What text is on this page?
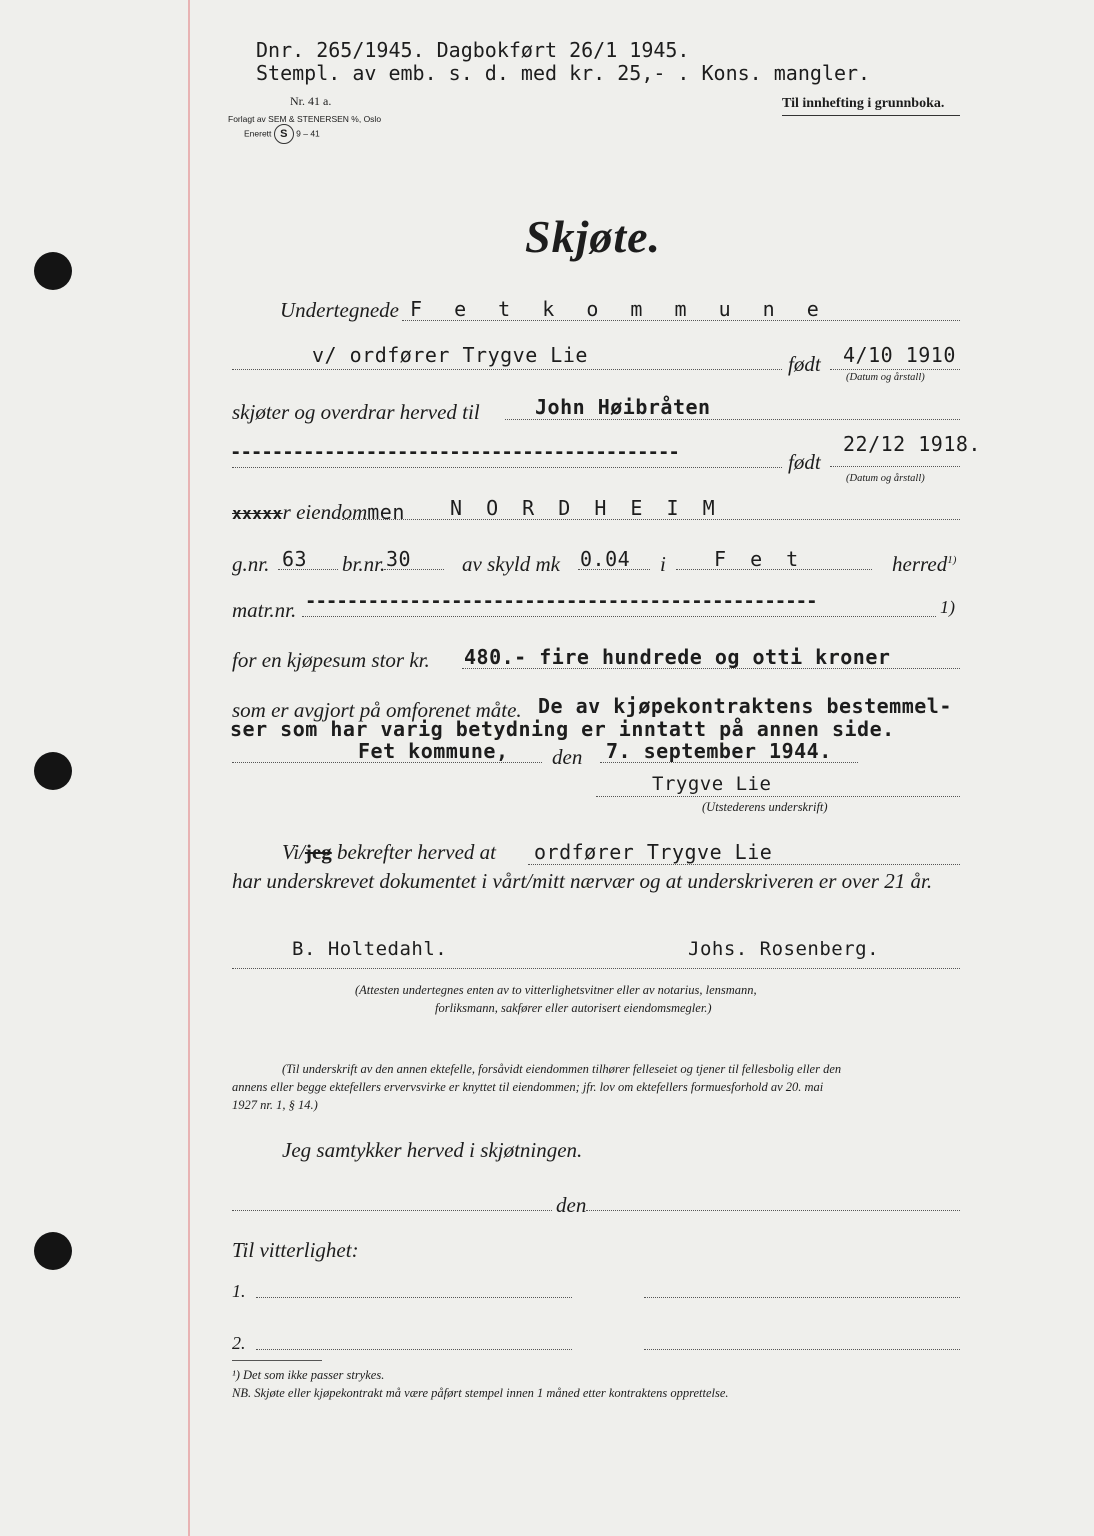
Dnr. 265/1945. Dagbokført 26/1 1945.
Stempl. av emb. s. d. med kr. 25,- . Kons. mangler.
Nr. 41 a.
Forlagt av SEM & STENERSEN %, Oslo
Enerett S 9 – 41
Til innhefting i grunnboka.
Skjøte.
Undertegnede F e t k o m m u n e
v/ ordfører Trygve Lie	født 4/10 1910
(Datum og årstall)
skjøter og overdrar herved til	John Høibråten
-------------------------------------------	født
22/12 1918.
(Datum og årstall)
xxxxxr eiendommen N O R D H E I M
g.nr. 63 br.nr. 30 av skyld mk 0.04 i F e t	herred$^{1)}$
matr.nr. -------------------------------------------------	1)
for en kjøpesum stor kr. 480.- fire hundrede og otti kroner
som er avgjort på omforenet måte. De av kjøpekontraktens bestemmel-
ser som har varig betydning er inntatt på annen side.
Fet kommune, den 7. september 1944.
Trygve Lie
(Utstederens underskrift)
Vi/jeg bekrefter herved at ordfører Trygve Lie
har underskrevet dokumentet i vårt/mitt nærvær og at underskriveren er over 21 år.
B. Holtedahl.	Johs. Rosenberg.
(Attesten undertegnes enten av to vitterlighetsvitner eller av notarius, lensmann,
forliksmann, sakfører eller autorisert eiendomsmegler.)
(Til underskrift av den annen ektefelle, forsåvidt eiendommen tilhører felleseiet og tjener til fellesbolig eller den
annens eller begge ektefellers ervervsvirke er knyttet til eiendommen; jfr. lov om ektefellers formuesforhold av 20. mai
1927 nr. 1, § 14.)
Jeg samtykker herved i skjøtningen.
den
Til vitterlighet:
1.
2.
¹) Det som ikke passer strykes.
NB. Skjøte eller kjøpekontrakt må være påført stempel innen 1 måned etter kontraktens opprettelse.
